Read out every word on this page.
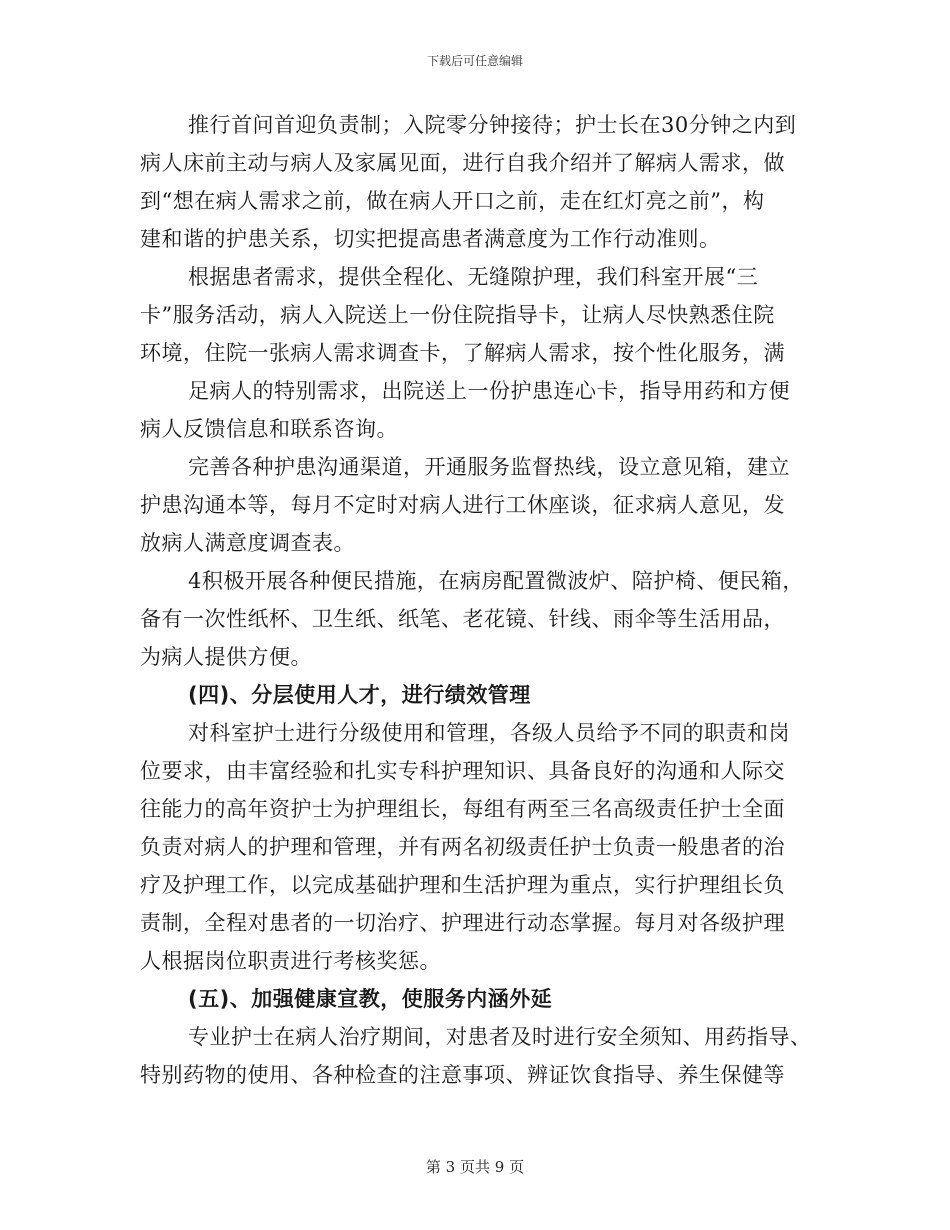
下载后可任意编辑
推行首问首迎负责制；入院零分钟接待；护士长在30分钟之内到
病人床前主动与病人及家属见面，进行自我介绍并了解病人需求，做
到“想在病人需求之前，做在病人开口之前，走在红灯亮之前”，构
建和谐的护患关系，切实把提高患者满意度为工作行动准则。
根据患者需求，提供全程化、无缝隙护理，我们科室开展“三
卡”服务活动，病人入院送上一份住院指导卡，让病人尽快熟悉住院
环境，住院一张病人需求调查卡，了解病人需求，按个性化服务，满
足病人的特别需求，出院送上一份护患连心卡，指导用药和方便
病人反馈信息和联系咨询。
完善各种护患沟通渠道，开通服务监督热线，设立意见箱，建立
护患沟通本等，每月不定时对病人进行工休座谈，征求病人意见，发
放病人满意度调查表。
4积极开展各种便民措施，在病房配置微波炉、陪护椅、便民箱，
备有一次性纸杯、卫生纸、纸笔、老花镜、针线、雨伞等生活用品，
为病人提供方便。
(四)、分层使用人才，进行绩效管理
对科室护士进行分级使用和管理，各级人员给予不同的职责和岗
位要求，由丰富经验和扎实专科护理知识、具备良好的沟通和人际交
往能力的高年资护士为护理组长，每组有两至三名高级责任护士全面
负责对病人的护理和管理，并有两名初级责任护士负责一般患者的治
疗及护理工作，以完成基础护理和生活护理为重点，实行护理组长负
责制，全程对患者的一切治疗、护理进行动态掌握。每月对各级护理
人根据岗位职责进行考核奖惩。
(五)、加强健康宣教，使服务内涵外延
专业护士在病人治疗期间，对患者及时进行安全须知、用药指导、
特别药物的使用、各种检查的注意事项、辨证饮食指导、养生保健等
第 3 页共 9 页
